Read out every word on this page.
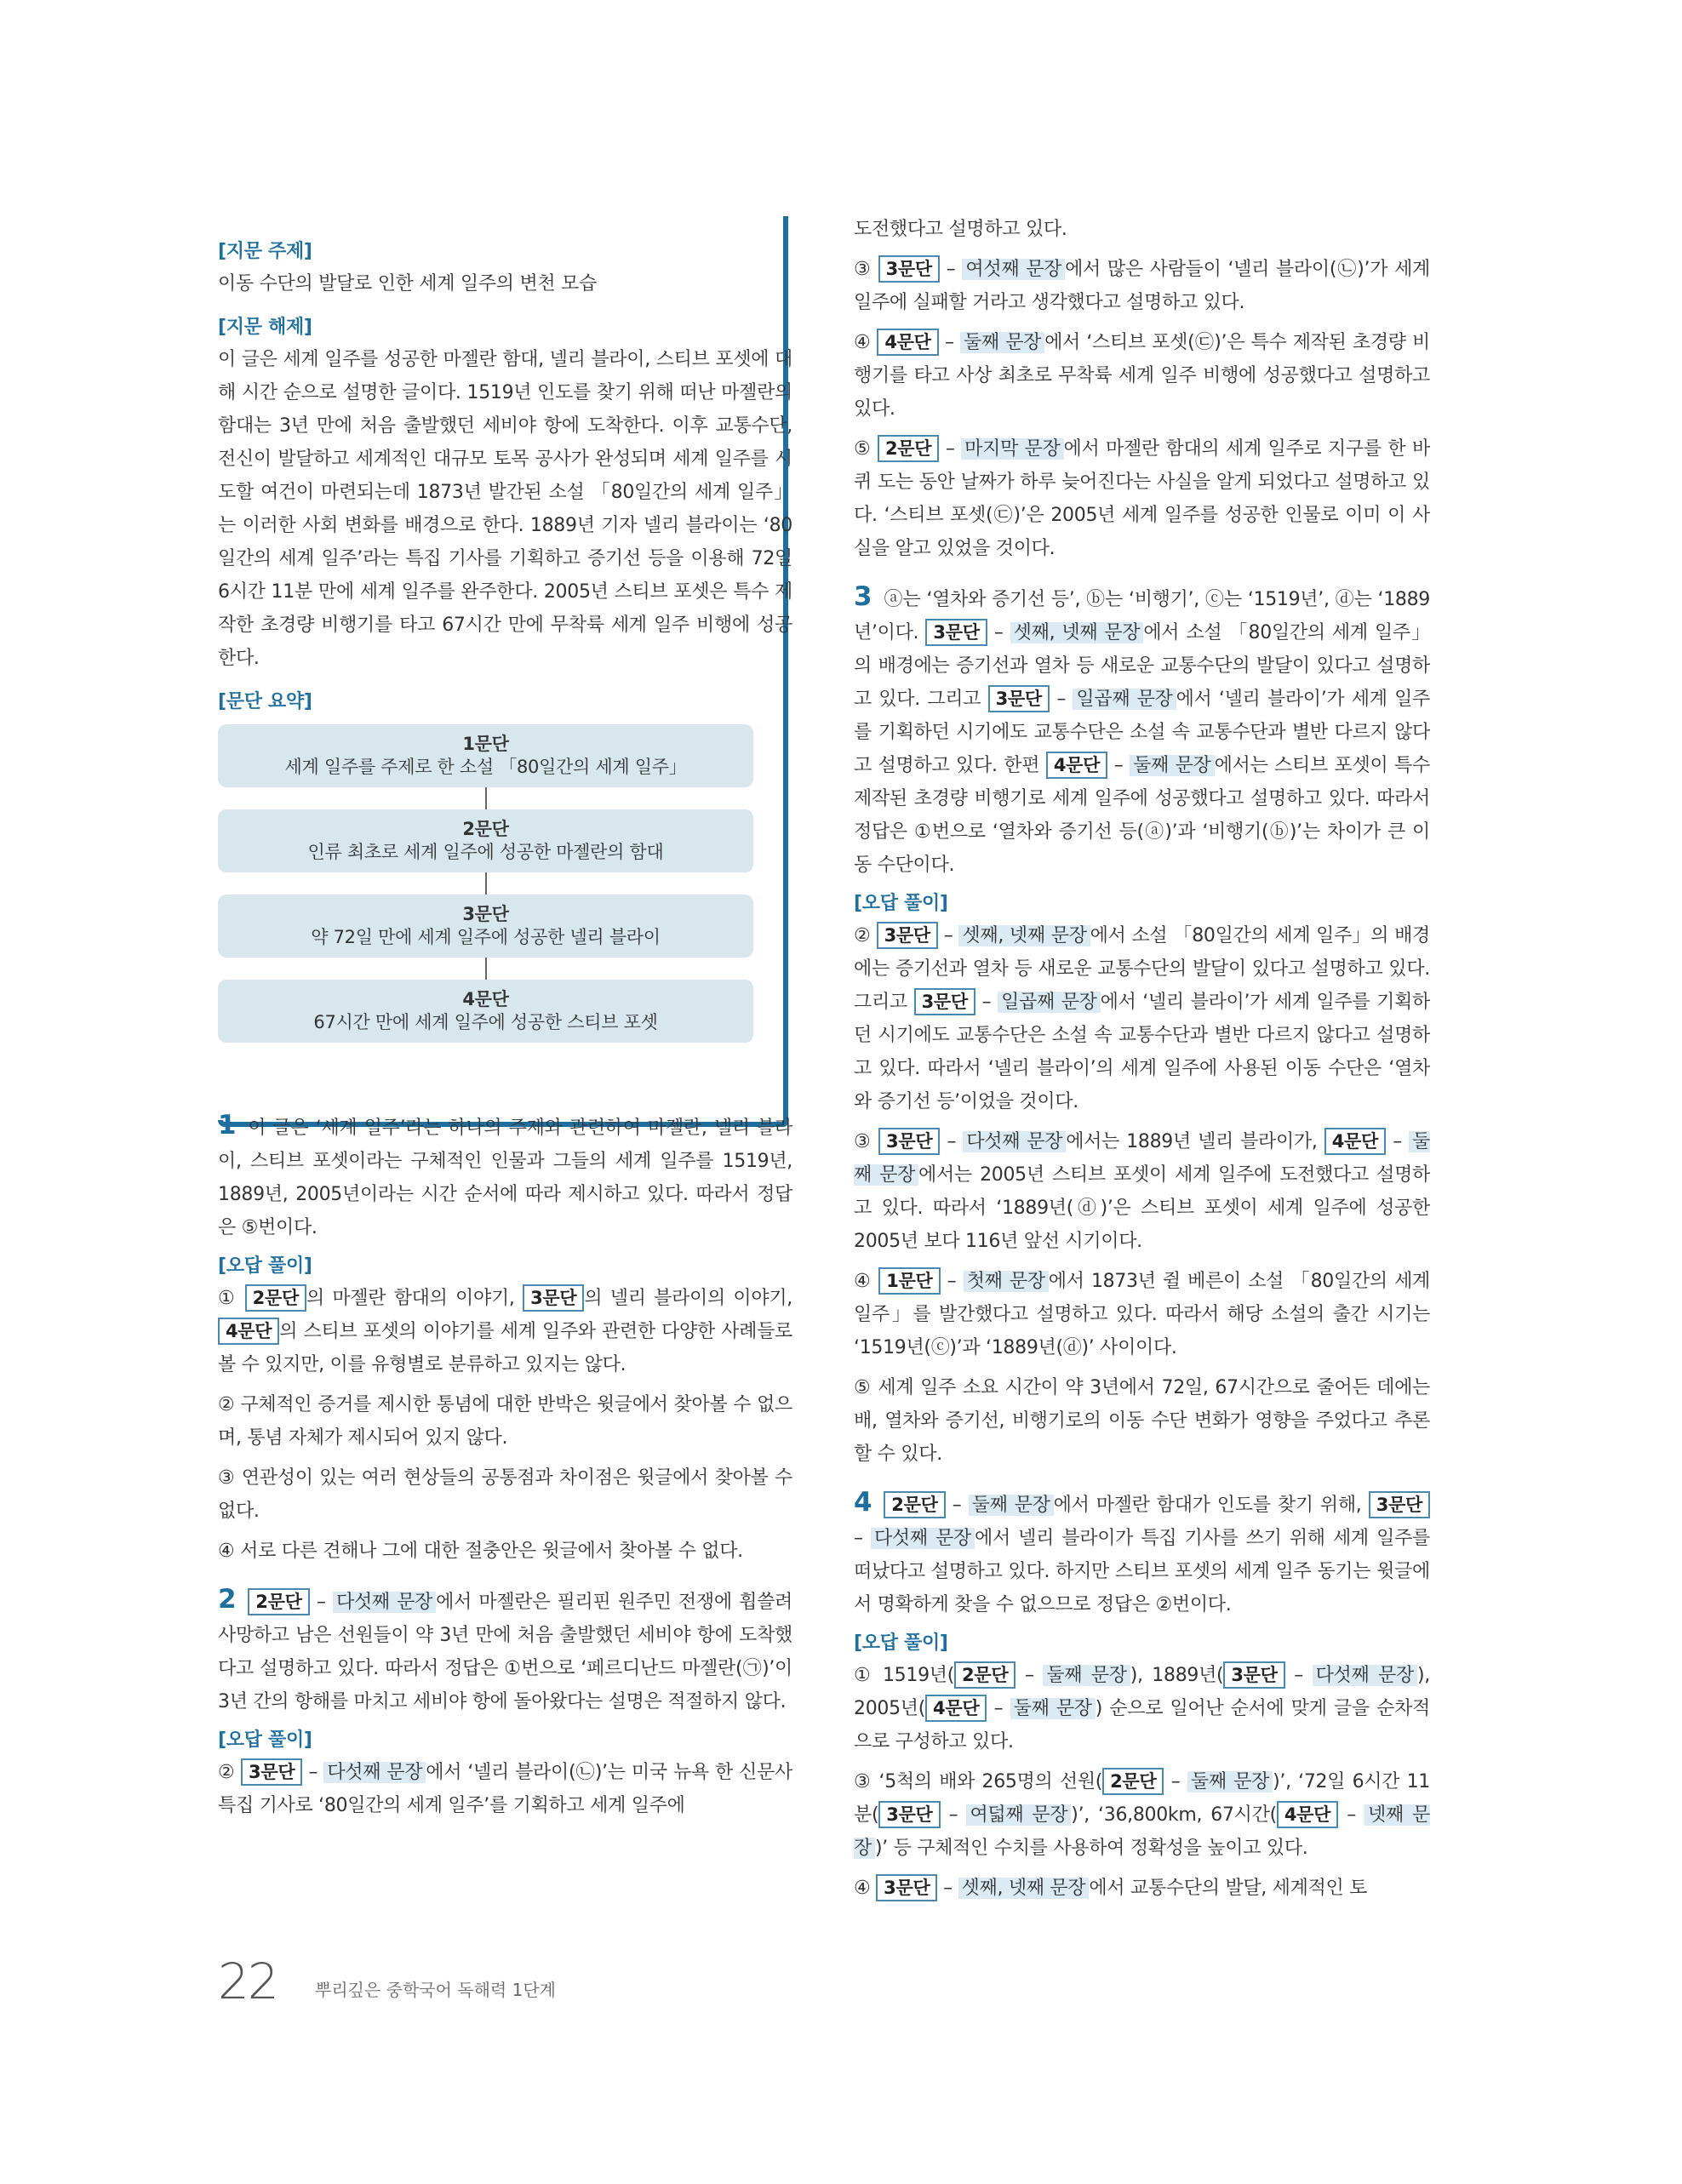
[지문 주제]

이동 수단의 발달로 인한 세계 일주의 변천 모습

[지문 해제]

이 글은 세계 일주를 성공한 마젤란 함대, 넬리 블라이, 스티브 포셋에 대해 시간 순으로 설명한 글이다. 1519년 인도를 찾기 위해 떠난 마젤란의 함대는 3년 만에 처음 출발했던 세비야 항에 도착한다. 이후 교통수단, 전신이 발달하고 세계적인 대규모 토목 공사가 완성되며 세계 일주를 시도할 여건이 마련되는데 1873년 발간된 소설 「80일간의 세계 일주」는 이러한 사회 변화를 배경으로 한다. 1889년 기자 넬리 블라이는 ‘80일간의 세계 일주’라는 특집 기사를 기획하고 증기선 등을 이용해 72일 6시간 11분 만에 세계 일주를 완주한다. 2005년 스티브 포셋은 특수 제작한 초경량 비행기를 타고 67시간 만에 무착륙 세계 일주 비행에 성공한다.

[문단 요약]
1문단
세계 일주를 주제로 한 소설 「80일간의 세계 일주」
2문단
인류 최초로 세계 일주에 성공한 마젤란의 함대
3문단
약 72일 만에 세계 일주에 성공한 넬리 블라이
4문단
67시간 만에 세계 일주에 성공한 스티브 포셋

1 이 글은 ‘세계 일주’라는 하나의 주제와 관련하여 마젤란, 넬리 블라이, 스티브 포셋이라는 구체적인 인물과 그들의 세계 일주를 1519년, 1889년, 2005년이라는 시간 순서에 따라 제시하고 있다. 따라서 정답은 ⑤번이다.

[오답 풀이]

① 2문단 의 마젤란 함대의 이야기, 3문단 의 넬리 블라이의 이야기, 4문단 의 스티브 포셋의 이야기를 세계 일주와 관련한 다양한 사례들로 볼 수 있지만, 이를 유형별로 분류하고 있지는 않다.

② 구체적인 증거를 제시한 통념에 대한 반박은 윗글에서 찾아볼 수 없으며, 통념 자체가 제시되어 있지 않다.

③ 연관성이 있는 여러 현상들의 공통점과 차이점은 윗글에서 찾아볼 수 없다.

④ 서로 다른 견해나 그에 대한 절충안은 윗글에서 찾아볼 수 없다.

2 2문단 – 다섯째 문장 에서 마젤란은 필리핀 원주민 전쟁에 휩쓸려 사망하고 남은 선원들이 약 3년 만에 처음 출발했던 세비야 항에 도착했다고 설명하고 있다. 따라서 정답은 ①번으로 ‘페르디난드 마젤란(㉠)’이 3년 간의 항해를 마치고 세비야 항에 돌아왔다는 설명은 적절하지 않다.

[오답 풀이]

② 3문단 – 다섯째 문장 에서 ‘넬리 블라이(㉡)’는 미국 뉴욕 한 신문사 특집 기사로 ‘80일간의 세계 일주’를 기획하고 세계 일주에

도전했다고 설명하고 있다.

③ 3문단 – 여섯째 문장 에서 많은 사람들이 ‘넬리 블라이(㉡)’가 세계 일주에 실패할 거라고 생각했다고 설명하고 있다.

④ 4문단 – 둘째 문장 에서 ‘스티브 포셋(㉢)’은 특수 제작된 초경량 비행기를 타고 사상 최초로 무착륙 세계 일주 비행에 성공했다고 설명하고 있다.

⑤ 2문단 – 마지막 문장 에서 마젤란 함대의 세계 일주로 지구를 한 바퀴 도는 동안 날짜가 하루 늦어진다는 사실을 알게 되었다고 설명하고 있다. ‘스티브 포셋(㉢)’은 2005년 세계 일주를 성공한 인물로 이미 이 사실을 알고 있었을 것이다.

3 ⓐ는 ‘열차와 증기선 등’, ⓑ는 ‘비행기’, ⓒ는 ‘1519년’, ⓓ는 ‘1889년’이다. 3문단 – 셋째, 넷째 문장 에서 소설 「80일간의 세계 일주」의 배경에는 증기선과 열차 등 새로운 교통수단의 발달이 있다고 설명하고 있다. 그리고 3문단 – 일곱째 문장 에서 ‘넬리 블라이’가 세계 일주를 기획하던 시기에도 교통수단은 소설 속 교통수단과 별반 다르지 않다고 설명하고 있다. 한편 4문단 – 둘째 문장 에서는 스티브 포셋이 특수 제작된 초경량 비행기로 세계 일주에 성공했다고 설명하고 있다. 따라서 정답은 ①번으로 ‘열차와 증기선 등(ⓐ)’과 ‘비행기(ⓑ)’는 차이가 큰 이동 수단이다.

[오답 풀이]

② 3문단 – 셋째, 넷째 문장 에서 소설 「80일간의 세계 일주」의 배경에는 증기선과 열차 등 새로운 교통수단의 발달이 있다고 설명하고 있다. 그리고 3문단 – 일곱째 문장 에서 ‘넬리 블라이’가 세계 일주를 기획하던 시기에도 교통수단은 소설 속 교통수단과 별반 다르지 않다고 설명하고 있다. 따라서 ‘넬리 블라이’의 세계 일주에 사용된 이동 수단은 ‘열차와 증기선 등’이었을 것이다.

③ 3문단 – 다섯째 문장 에서는 1889년 넬리 블라이가, 4문단 – 둘째 문장 에서는 2005년 스티브 포셋이 세계 일주에 도전했다고 설명하고 있다. 따라서 ‘1889년(ⓓ)’은 스티브 포셋이 세계 일주에 성공한 2005년 보다 116년 앞선 시기이다.

④ 1문단 – 첫째 문장 에서 1873년 쥘 베른이 소설 「80일간의 세계 일주」를 발간했다고 설명하고 있다. 따라서 해당 소설의 출간 시기는 ‘1519년(ⓒ)’과 ‘1889년(ⓓ)’ 사이이다.

⑤ 세계 일주 소요 시간이 약 3년에서 72일, 67시간으로 줄어든 데에는 배, 열차와 증기선, 비행기로의 이동 수단 변화가 영향을 주었다고 추론할 수 있다.

4 2문단 – 둘째 문장 에서 마젤란 함대가 인도를 찾기 위해, 3문단 – 다섯째 문장 에서 넬리 블라이가 특집 기사를 쓰기 위해 세계 일주를 떠났다고 설명하고 있다. 하지만 스티브 포셋의 세계 일주 동기는 윗글에서 명확하게 찾을 수 없으므로 정답은 ②번이다.

[오답 풀이]

① 1519년( 2문단 – 둘째 문장 ), 1889년( 3문단 – 다섯째 문장 ), 2005년( 4문단 – 둘째 문장 ) 순으로 일어난 순서에 맞게 글을 순차적으로 구성하고 있다.

③ ‘5척의 배와 265명의 선원( 2문단 – 둘째 문장 )’, ‘72일 6시간 11분( 3문단 – 여덟째 문장 )’, ‘36,800km, 67시간( 4문단 – 넷째 문장 )’ 등 구체적인 수치를 사용하여 정확성을 높이고 있다.

④ 3문단 – 셋째, 넷째 문장 에서 교통수단의 발달, 세계적인 토

22 뿌리깊은 중학국어 독해력 1단계
